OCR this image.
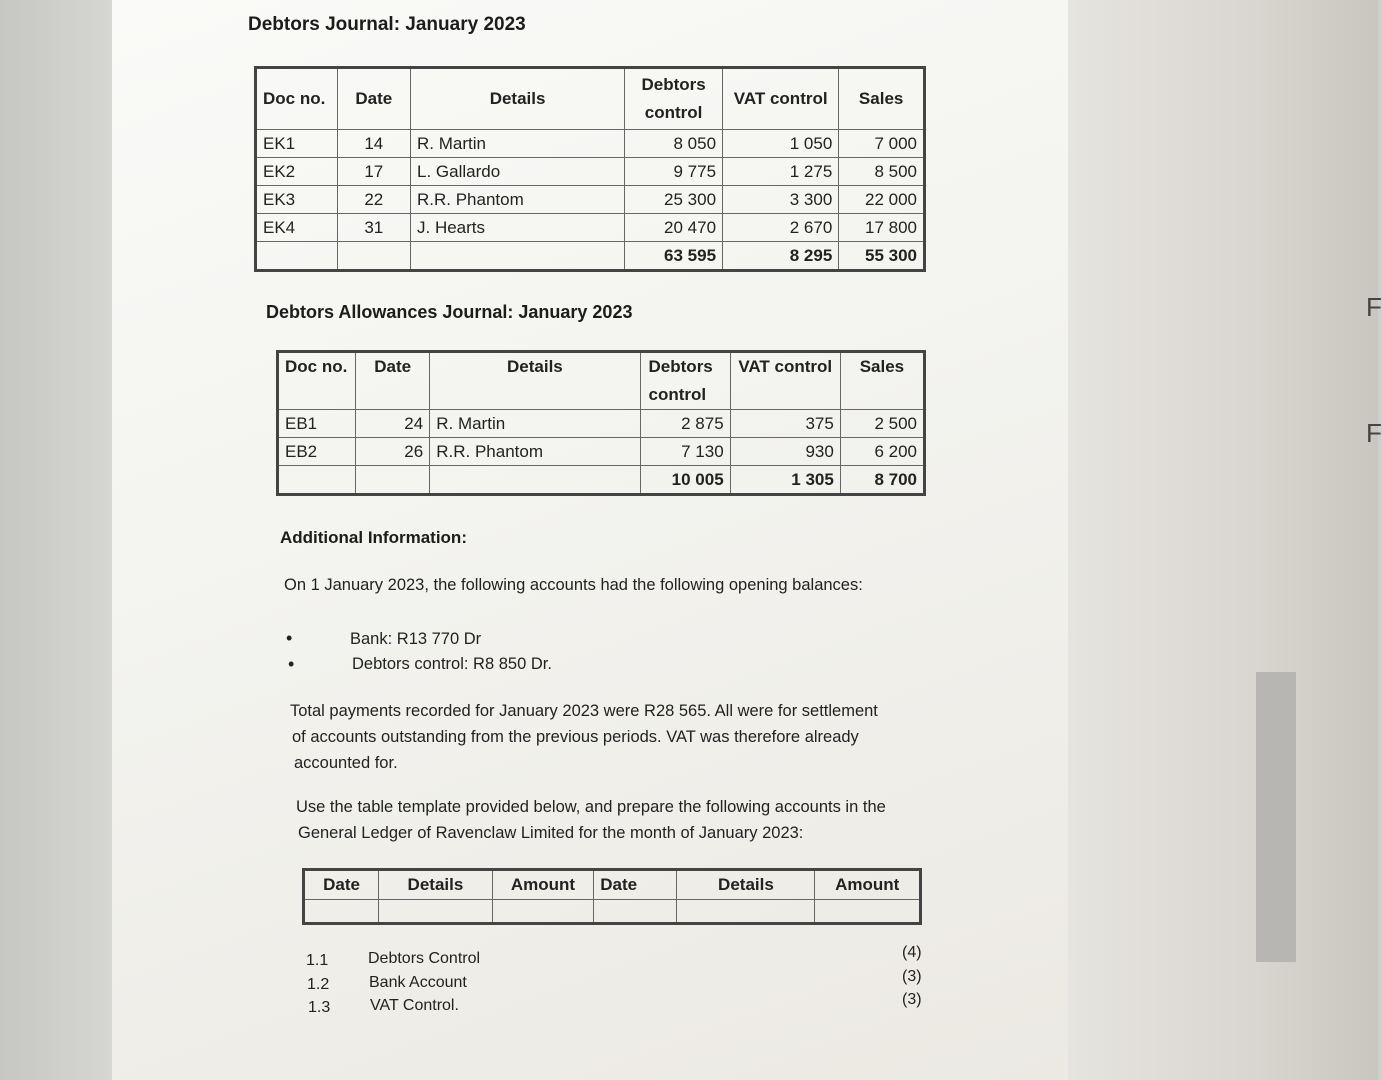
F
F
Debtors Journal: January 2023
Doc no.	Date	Details	Debtors control	VAT control	Sales
EK1	14	R. Martin	8 050	1 050	7 000
EK2	17	L. Gallardo	9 775	1 275	8 500
EK3	22	R.R. Phantom	25 300	3 300	22 000
EK4	31	J. Hearts	20 470	2 670	17 800
			63 595	8 295	55 300
Debtors Allowances Journal: January 2023
Doc no.	Date	Details	Debtors control	VAT control	Sales
EB1	24	R. Martin	2 875	375	2 500
EB2	26	R.R. Phantom	7 130	930	6 200
			10 005	1 305	8 700
Additional Information:
On 1 January 2023, the following accounts had the following opening balances:
•	Bank: R13 770 Dr
•	Debtors control: R8 850 Dr.
Total payments recorded for January 2023 were R28 565. All were for settlement
of accounts outstanding from the previous periods. VAT was therefore already
accounted for.
Use the table template provided below, and prepare the following accounts in the
General Ledger of Ravenclaw Limited for the month of January 2023:
Date	Details	Amount	Date	Details	Amount

1.1 Debtors Control	(4)
1.2 Bank Account	(3)
1.3 VAT Control.	(3)
